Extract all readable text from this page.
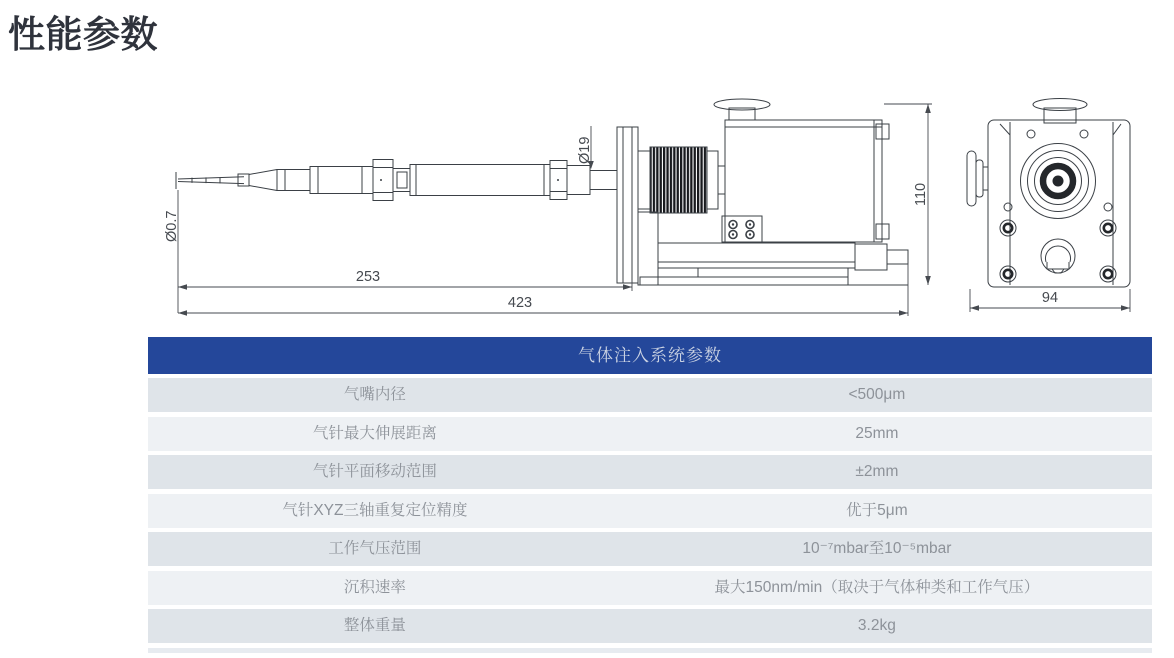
性能参数
253
423	94
Ø0.7
Ø19
110
气体注入系统参数
气嘴内径	<500μm
气针最大伸展距离	25mm
气针平面移动范围	±2mm
气针XYZ三轴重复定位精度	优于5μm
工作气压范围	10⁻⁷mbar至10⁻⁵mbar
沉积速率	最大150nm/min（取决于气体种类和工作气压）
整体重量	3.2kg
